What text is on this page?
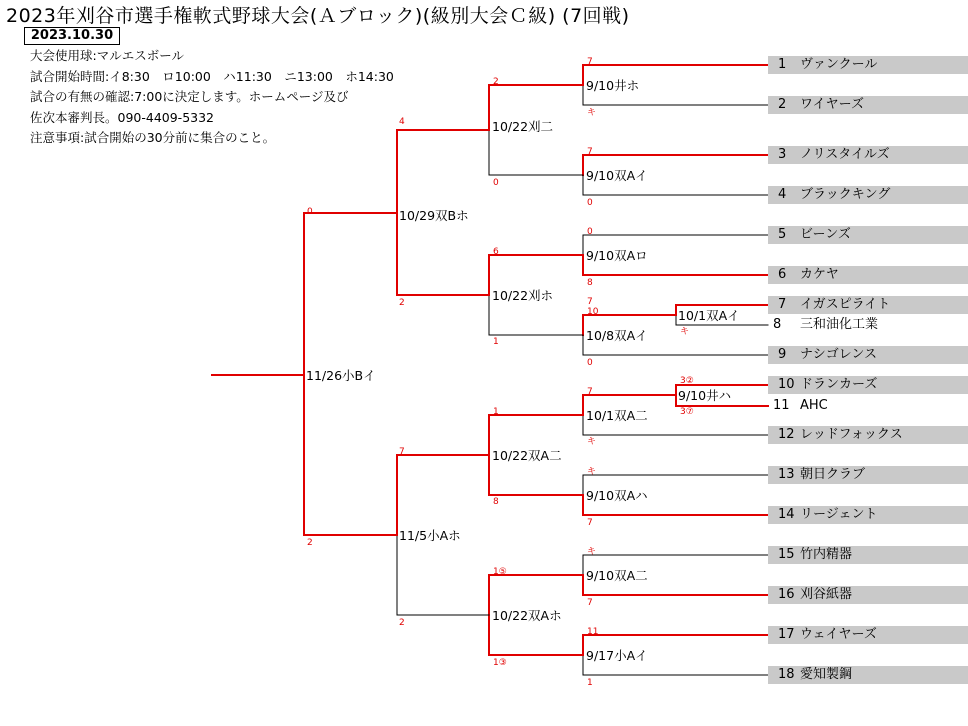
2023年刈谷市選手権軟式野球大会(Ａブロック)(級別大会Ｃ級) (7回戦)
2023.10.30
大会使用球:マルエスボール
試合開始時間:イ8:30　ロ10:00　ハ11:30　ニ13:00　ホ14:30
試合の有無の確認:7:00に決定します。ホームページ及び
佐次本審判長。090-4409-5332
注意事項:試合開始の30分前に集合のこと。
1 ヴァンクール
2 ワイヤーズ
3 ノリスタイルズ
4 ブラックキング
5 ビーンズ
6 カケヤ
7 イガスピライト
8 三和油化工業
9 ナシゴレンス
10 ドランカーズ
11 AHC
12 レッドフォックス
13 朝日クラブ
14 リージェント
15 竹内精器
16 刈谷紙器
17 ウェイヤーズ
18 愛知製鋼
9/10井ホ
9/10双Aイ
9/10双Aロ
10/1双Aイ
10/8双Aイ
9/10井ハ
10/1双A二
9/10双Aハ
9/10双A二
9/17小Aイ
10/22刈二
10/22刈ホ
10/22双A二
10/22双Aホ
10/29双Bホ
11/5小Aホ
11/26小Bイ
7
キ
7
0
0
8
7
キ
10
0
3②
3⑦
7
キ
キ
7
キ
7
11
1
2
0
6
1
1
8
1⑤
1③
4
2
7
2
0
2
